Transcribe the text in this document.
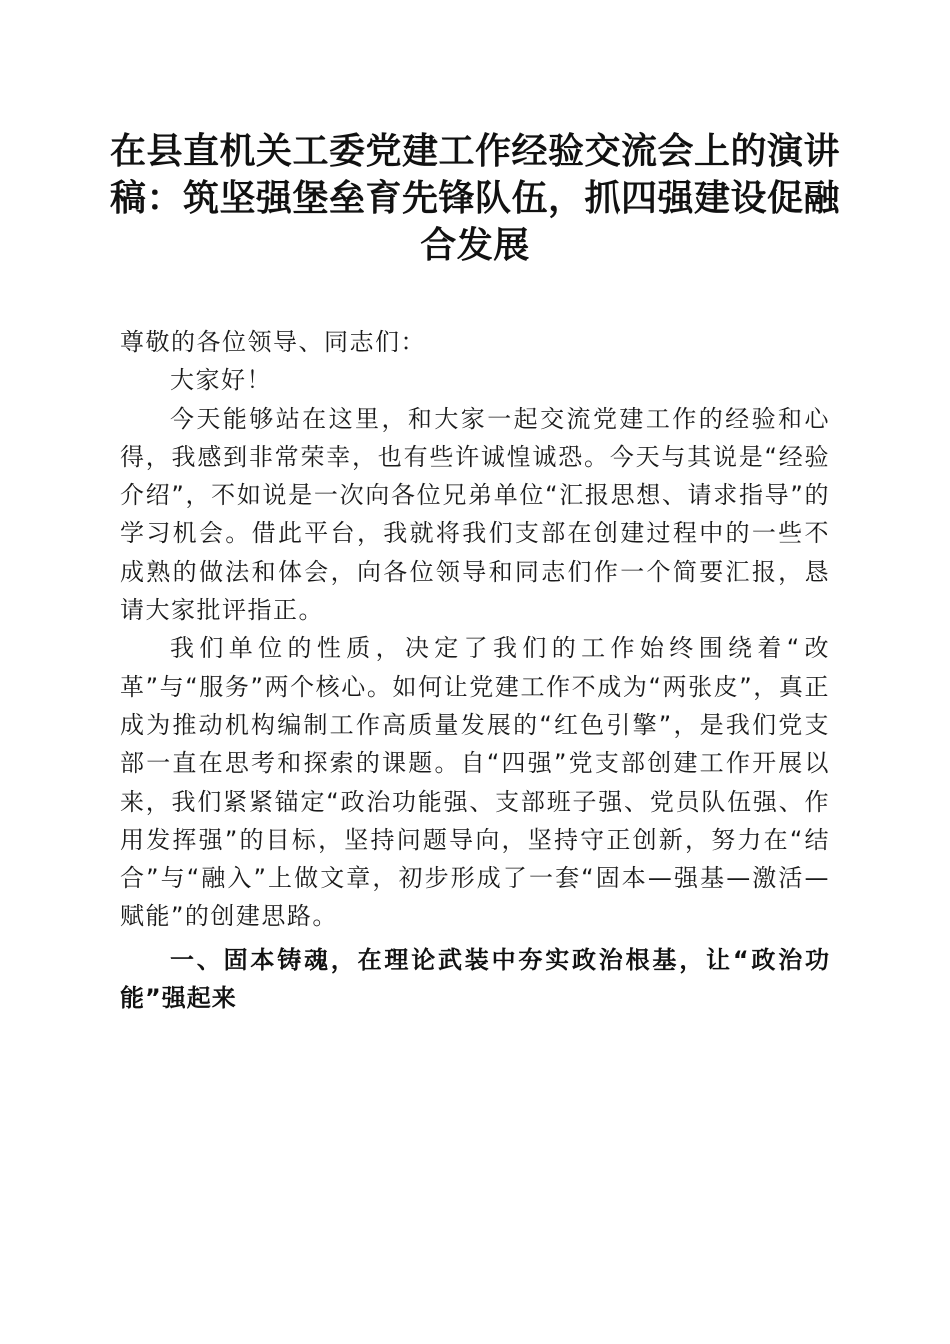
在县直机关工委党建工作经验交流会上的演讲稿：筑坚强堡垒育先锋队伍，抓四强建设促融合发展

尊敬的各位领导、同志们：

大家好！

今天能够站在这里，和大家一起交流党建工作的经验和心得，我感到非常荣幸，也有些许诚惶诚恐。今天与其说是“经验介绍”，不如说是一次向各位兄弟单位“汇报思想、请求指导”的学习机会。借此平台，我就将我们支部在创建过程中的一些不成熟的做法和体会，向各位领导和同志们作一个简要汇报，恳请大家批评指正。

我们单位的性质，决定了我们的工作始终围绕着“改革”与“服务”两个核心。如何让党建工作不成为“两张皮”，真正成为推动机构编制工作高质量发展的“红色引擎”，是我们党支部一直在思考和探索的课题。自“四强”党支部创建工作开展以来，我们紧紧锚定“政治功能强、支部班子强、党员队伍强、作用发挥强”的目标，坚持问题导向，坚持守正创新，努力在“结合”与“融入”上做文章，初步形成了一套“固本—强基—激活—赋能”的创建思路。

一、固本铸魂，在理论武装中夯实政治根基，让“政治功能”强起来
